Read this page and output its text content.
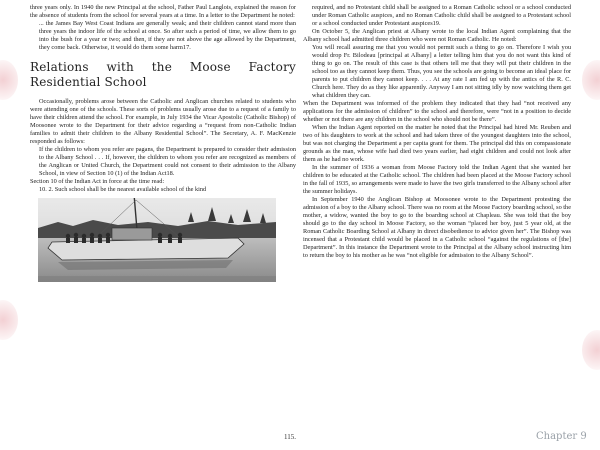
three years only. In 1940 the new Principal at the school, Father Paul Langlois, explained the reason for the absence of students from the school for several years at a time. In a letter to the Department he noted:

... the James Bay West Coast Indians are generally weak; and their children cannot stand more than three years the indoor life of the school at once. So after such a period of time, we allow them to go into the bush for a year or two; and then, if they are not above the age allowed by the Department, they come back. Otherwise, it would do them some harm17.

Relations with the Moose Factory Residential School

Occasionally, problems arose between the Catholic and Anglican churches related to students who were attending one of the schools. These sorts of problems usually arose due to a request of a family to have their children attend the school. For example, in July 1934 the Vicar Apostolic (Catholic Bishop) of Moosonee wrote to the Department for their advice regarding a “request from non-Catholic Indian families to admit their children to the Albany Residential School”. The Secretary, A. F. MacKenzie responded as follows:

If the children to whom you refer are pagans, the Department is prepared to consider their admission to the Albany School . . . If, however, the children to whom you refer are recognized as members of the Anglican or United Church, the Department could not consent to their admission to the Albany School, in view of Section 10 (1) of the Indian Act18.

Section 10 of the Indian Act in force at the time read:

10. 2. Such school shall be the nearest available school of the kind

required, and no Protestant child shall be assigned to a Roman Catholic school or a school conducted under Roman Catholic auspices, and no Roman Catholic child shall be assigned to a Protestant school or a school conducted under Protestant auspices19.

On October 5, the Anglican priest at Albany wrote to the local Indian Agent complaining that the Albany school had admitted three children who were not Roman Catholic. He noted:

You will recall assuring me that you would not permit such a thing to go on. Therefore I wish you would drop Fr. Bilodeau [principal at Albany] a letter telling him that you do not want this kind of thing to go on. The result of this case is that others tell me that they will put their children in the school too as they cannot keep them. Thus, you see the schools are going to become an ideal place for parents to put children they cannot keep. . . . At any rate I am fed up with the antics of the R. C. Church here. They do as they like apparently. Anyway I am not sitting idly by now watching them get what children they can.

When the Department was informed of the problem they indicated that they had “not received any applications for the admission of children” to the school and therefore, were “not in a position to decide whether or not there are any children in the school who should not be there”.

When the Indian Agent reported on the matter he noted that the Principal had hired Mr. Reuben and two of his daughters to work at the school and had taken three of the youngest daughters into the school, but was not charging the Department a per capita grant for them. The principal did this on compassionate grounds as the man, whose wife had died two years earlier, had eight children and could not look after them as he had no work.

In the summer of 1936 a woman from Moose Factory told the Indian Agent that she wanted her children to be educated at the Catholic school. The children had been placed at the Moose Factory school in the fall of 1935, so arrangements were made to have the two girls transferred to the Albany school after the summer holidays.

In September 1940 the Anglican Bishop at Moosonee wrote to the Department protesting the admission of a boy to the Albany school. There was no room at the Moose Factory boarding school, so the mother, a widow, wanted the boy to go to the boarding school at Chapleau. She was told that the boy should go to the day school in Moose Factory, so the woman “placed her boy, just 5 year old, at the Roman Catholic Boarding School at Albany in direct disobedience to advice given her”. The Bishop was incensed that a Protestant child would be placed in a Catholic school “against the regulations of [the] Department”. In this instance the Department wrote to the Principal at the Albany school instructing him to return the boy to his mother as he was “not eligible for admission to the Albany School”.

115.	Chapter 9
